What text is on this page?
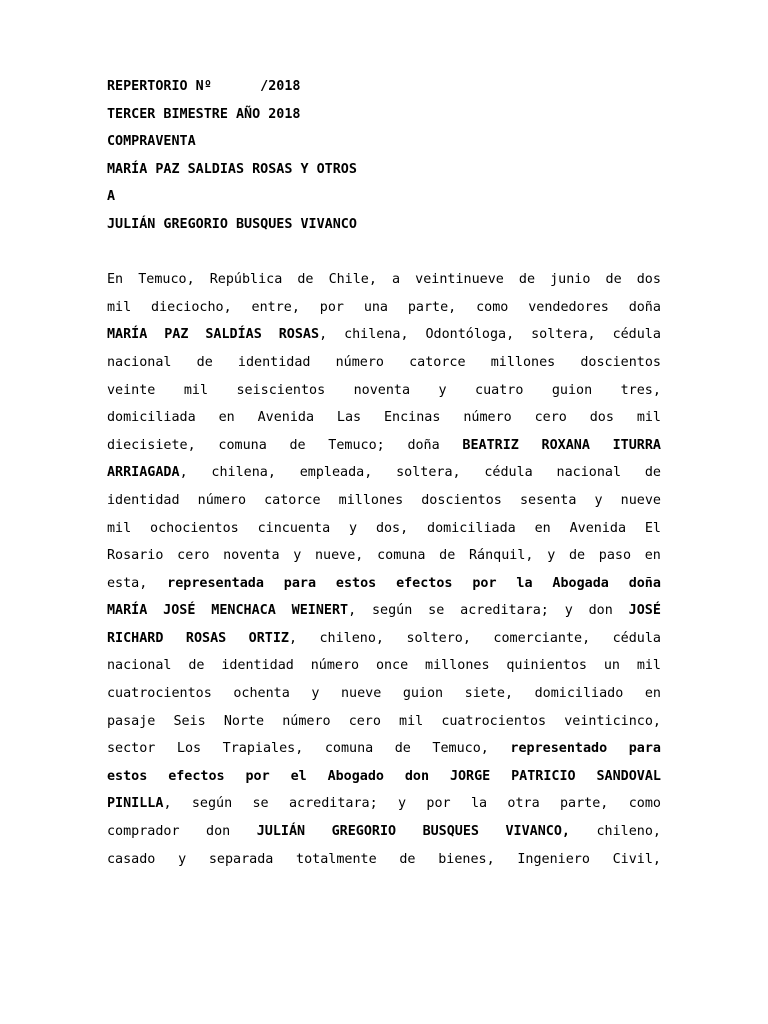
REPERTORIO Nº      /2018
TERCER BIMESTRE AÑO 2018
COMPRAVENTA
MARÍA PAZ SALDIAS ROSAS Y OTROS
A
JULIÁN GREGORIO BUSQUES VIVANCO
En Temuco, República de Chile, a veintinueve de junio de dos
mil dieciocho, entre, por una parte, como vendedores doña
MARÍA PAZ SALDÍAS ROSAS, chilena, Odontóloga, soltera, cédula
nacional de identidad número catorce millones doscientos
veinte mil seiscientos noventa y cuatro guion tres,
domiciliada en Avenida Las Encinas número cero dos mil
diecisiete, comuna de Temuco; doña BEATRIZ ROXANA ITURRA
ARRIAGADA, chilena, empleada, soltera, cédula nacional de
identidad número catorce millones doscientos sesenta y nueve
mil ochocientos cincuenta y dos, domiciliada en Avenida El
Rosario cero noventa y nueve, comuna de Ránquil, y de paso en
esta, representada para estos efectos por la Abogada doña
MARÍA JOSÉ MENCHACA WEINERT, según se acreditara; y don JOSÉ
RICHARD ROSAS ORTIZ, chileno, soltero, comerciante, cédula
nacional de identidad número once millones quinientos un mil
cuatrocientos ochenta y nueve guion siete, domiciliado en
pasaje Seis Norte número cero mil cuatrocientos veinticinco,
sector Los Trapiales, comuna de Temuco, representado para
estos efectos por el Abogado don JORGE PATRICIO SANDOVAL
PINILLA, según se acreditara; y por la otra parte, como
comprador don JULIÁN GREGORIO BUSQUES VIVANCO, chileno,
casado y separada totalmente de bienes, Ingeniero Civil,
